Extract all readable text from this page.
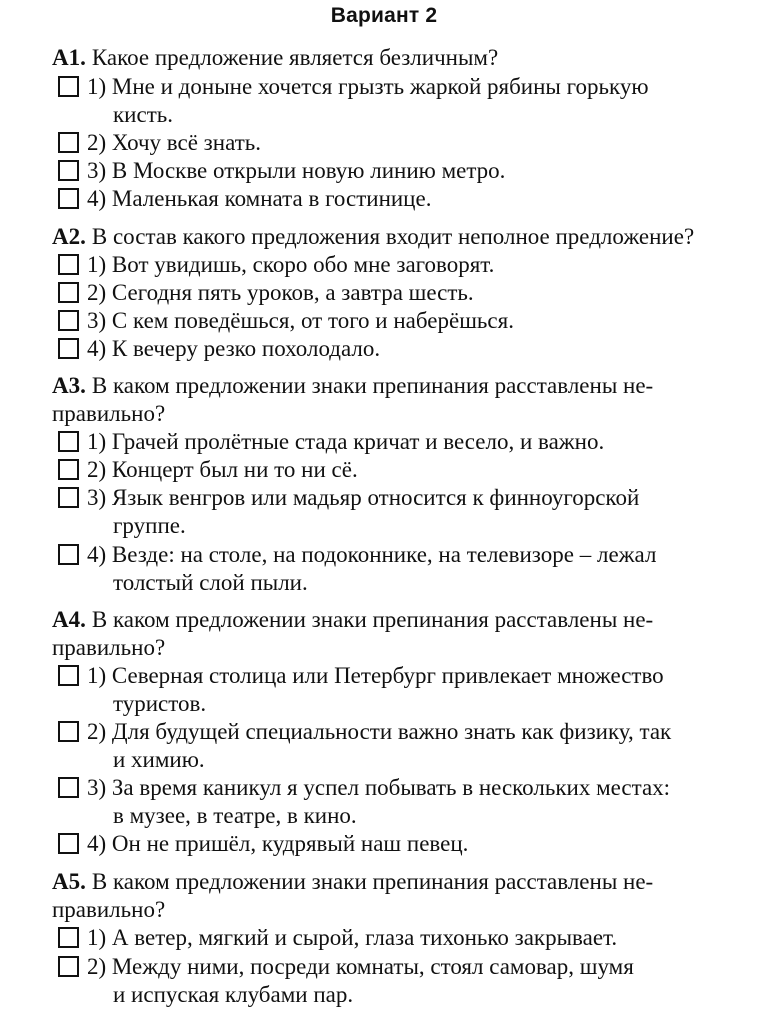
Вариант 2
А1. Какое предложение является безличным?
1) Мне и доныне хочется грызть жаркой рябины горькую
кисть.
2) Хочу всё знать.
3) В Москве открыли новую линию метро.
4) Маленькая комната в гостинице.
А2. В состав какого предложения входит неполное предложение?
1) Вот увидишь, скоро обо мне заговорят.
2) Сегодня пять уроков, а завтра шесть.
3) С кем поведёшься, от того и наберёшься.
4) К вечеру резко похолодало.
А3. В каком предложении знаки препинания расставлены не-
правильно?
1) Грачей пролётные стада кричат и весело, и важно.
2) Концерт был ни то ни сё.
3) Язык венгров или мадьяр относится к финноугорской
группе.
4) Везде: на столе, на подоконнике, на телевизоре – лежал
толстый слой пыли.
А4. В каком предложении знаки препинания расставлены не-
правильно?
1) Северная столица или Петербург привлекает множество
туристов.
2) Для будущей специальности важно знать как физику, так
и химию.
3) За время каникул я успел побывать в нескольких местах:
в музее, в театре, в кино.
4) Он не пришёл, кудрявый наш певец.
А5. В каком предложении знаки препинания расставлены не-
правильно?
1) А ветер, мягкий и сырой, глаза тихонько закрывает.
2) Между ними, посреди комнаты, стоял самовар, шумя
и испуская клубами пар.
